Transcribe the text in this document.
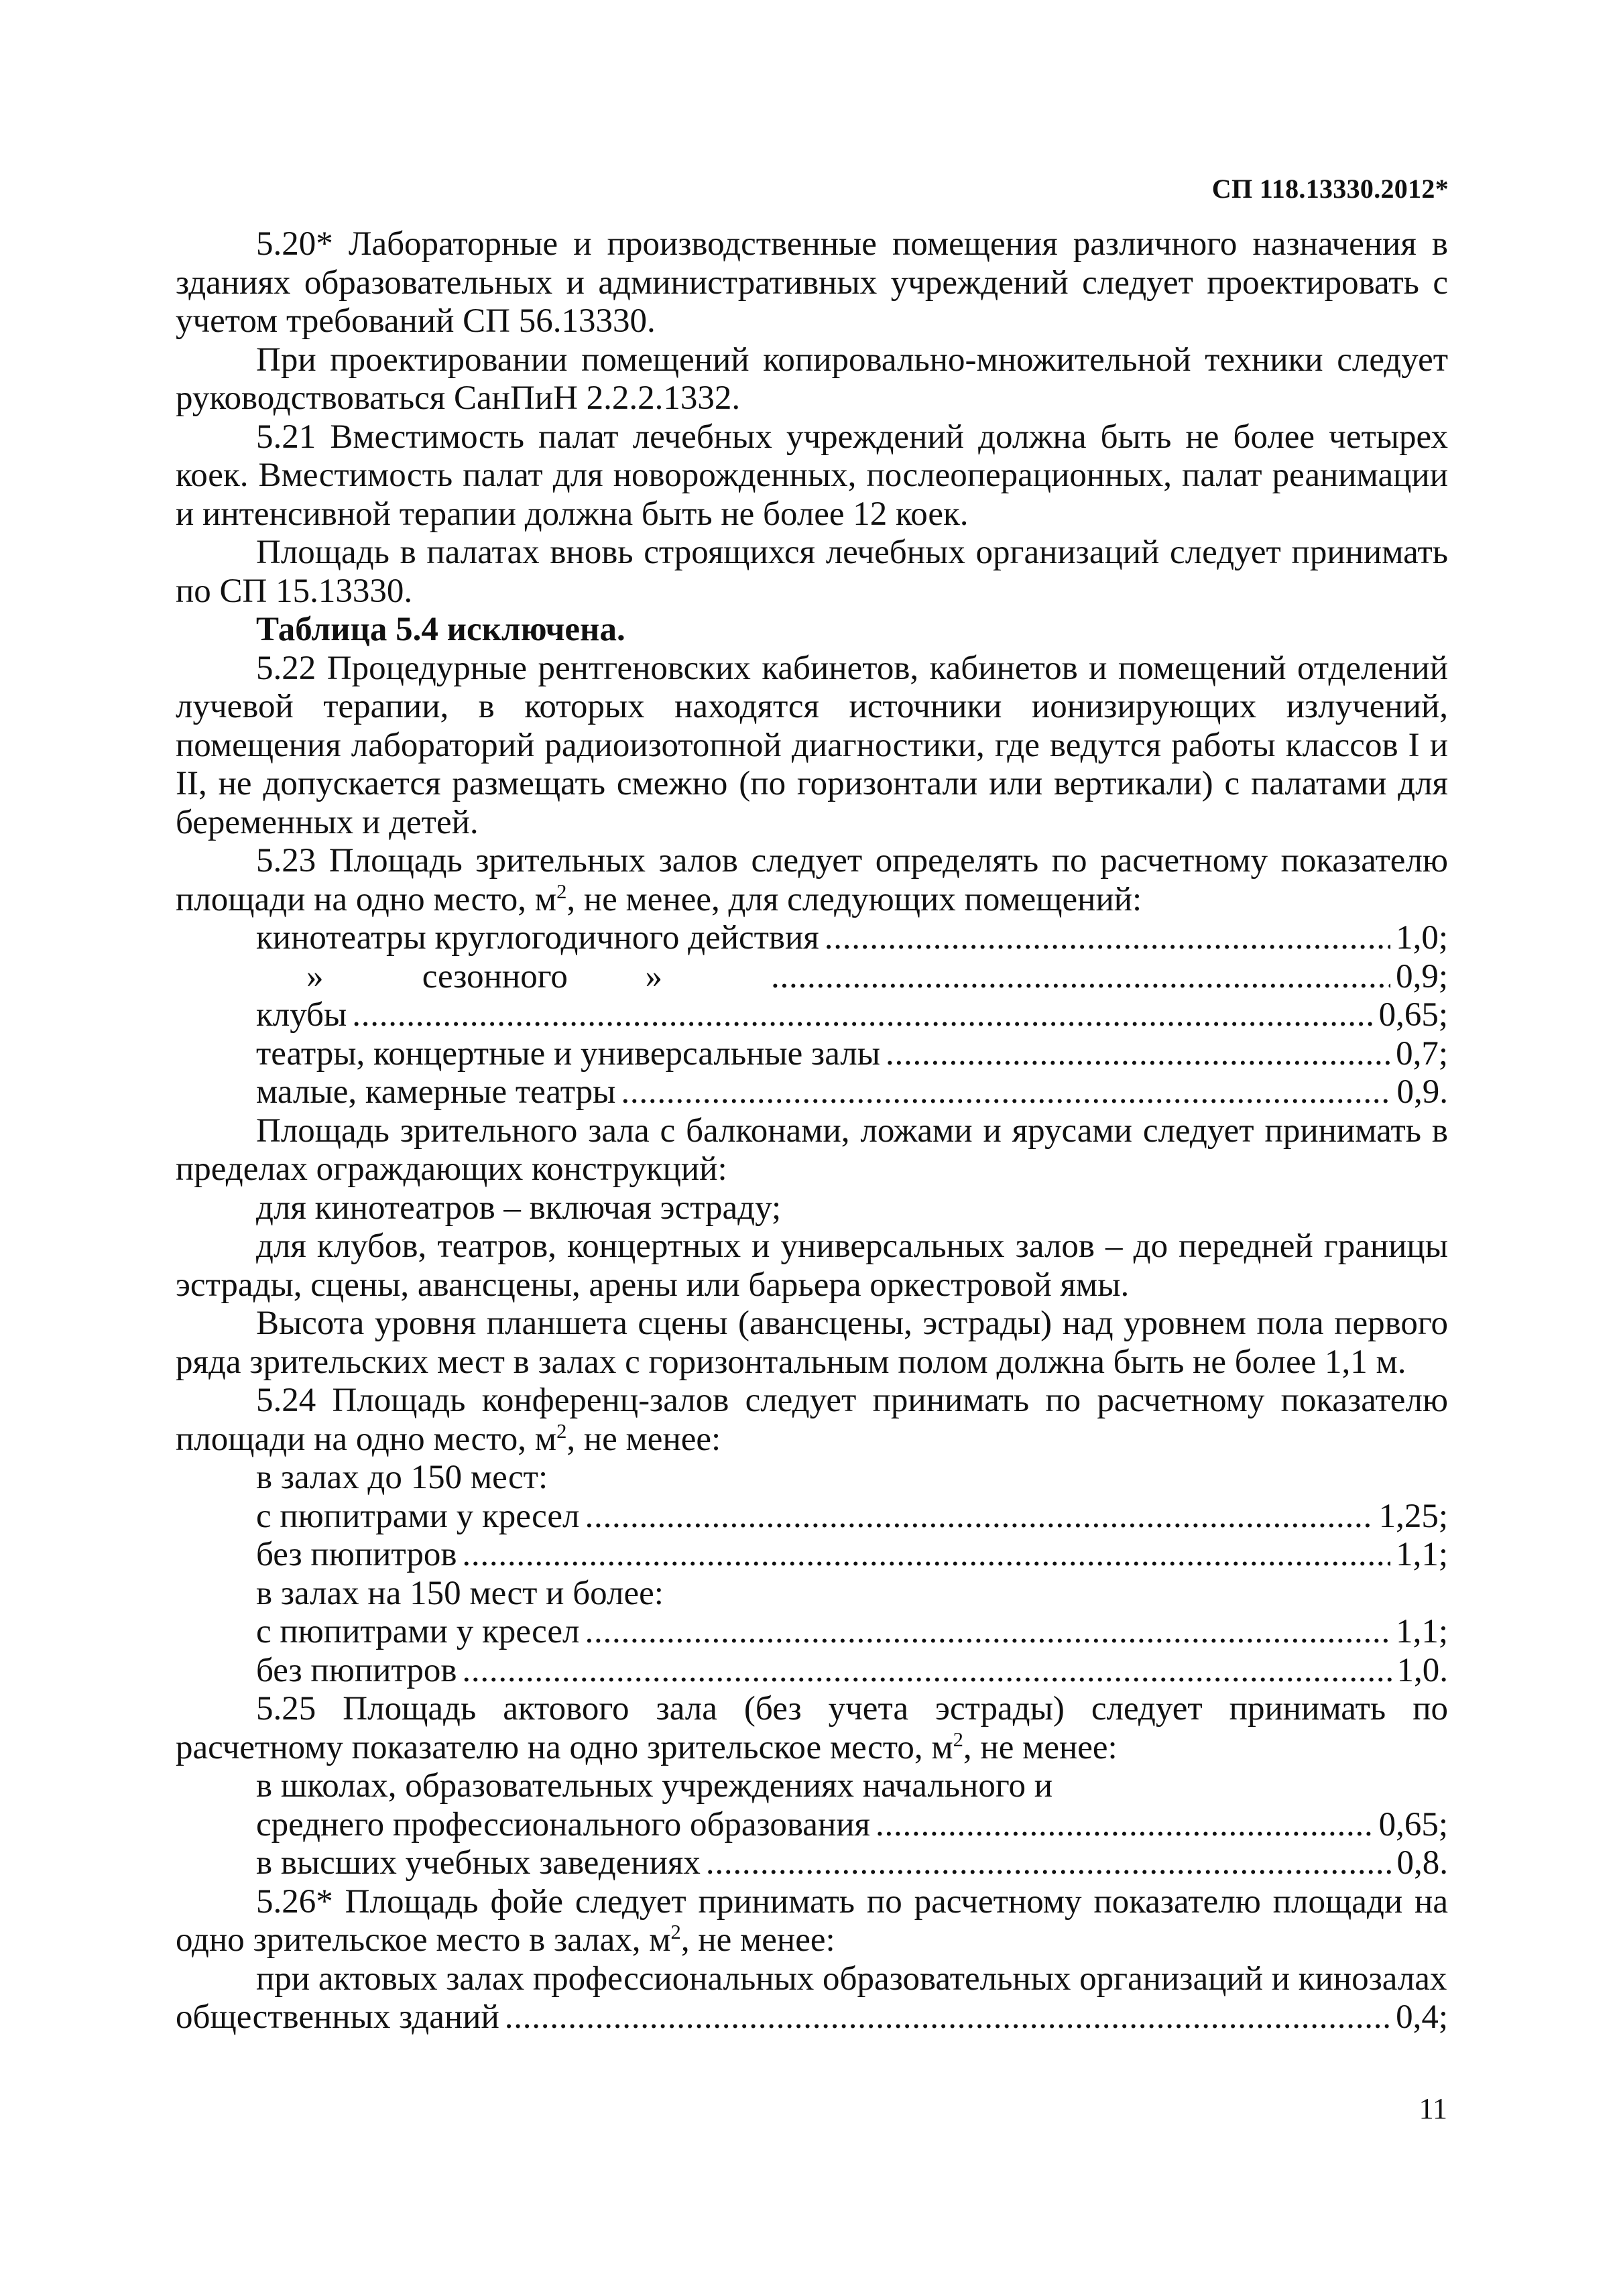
СП 118.13330.2012*

5.20* Лабораторные и производственные помещения различного назначения в зданиях образовательных и административных учреждений следует проектировать с учетом требований СП 56.13330.

При проектировании помещений копировально-множительной техники следует руководствоваться СанПиН 2.2.2.1332.

5.21 Вместимость палат лечебных учреждений должна быть не более четырех коек. Вместимость палат для новорожденных, послеоперационных, палат реанимации и интенсивной терапии должна быть не более 12 коек.

Площадь в палатах вновь строящихся лечебных организаций следует принимать по СП 15.13330.

Таблица 5.4 исключена.

5.22 Процедурные рентгеновских кабинетов, кабинетов и помещений отделений лучевой терапии, в которых находятся источники ионизирующих излучений, помещения лабораторий радиоизотопной диагностики, где ведутся работы классов I и II, не допускается размещать смежно (по горизонтали или вертикали) с палатами для беременных и детей.

5.23 Площадь зрительных залов следует определять по расчетному показателю площади на одно место, $м^2$, не менее, для следующих помещений:

кинотеатры круглогодичного действия . . .	1,0;
»	сезонного » . . .	0,9;
клубы . . .	0,65;
театры, концертные и универсальные залы . . .	0,7;
малые, камерные театры . . .	0,9.

Площадь зрительного зала с балконами, ложами и ярусами следует принимать в пределах ограждающих конструкций:

для кинотеатров – включая эстраду;

для клубов, театров, концертных и универсальных залов – до передней границы эстрады, сцены, авансцены, арены или барьера оркестровой ямы.

Высота уровня планшета сцены (авансцены, эстрады) над уровнем пола первого ряда зрительских мест в залах с горизонтальным полом должна быть не более 1,1 м.

5.24 Площадь конференц-залов следует принимать по расчетному показателю площади на одно место, $м^2$, не менее:

в залах до 150 мест:

с пюпитрами у кресел . . .	1,25;
без пюпитров . . .	1,1;

в залах на 150 мест и более:

с пюпитрами у кресел . . .	1,1;
без пюпитров . . .	1,0.

5.25 Площадь актового зала (без учета эстрады) следует принимать по расчетному показателю на одно зрительское место, $м^2$, не менее:

в школах, образовательных учреждениях начального и

среднего профессионального образования . . .	0,65;
в высших учебных заведениях . . .	0,8.

5.26* Площадь фойе следует принимать по расчетному показателю площади на одно зрительское место в залах, $м^2$, не менее:

при актовых залах профессиональных образовательных организаций и кинозалах

общественных зданий . . .	0,4;
11
